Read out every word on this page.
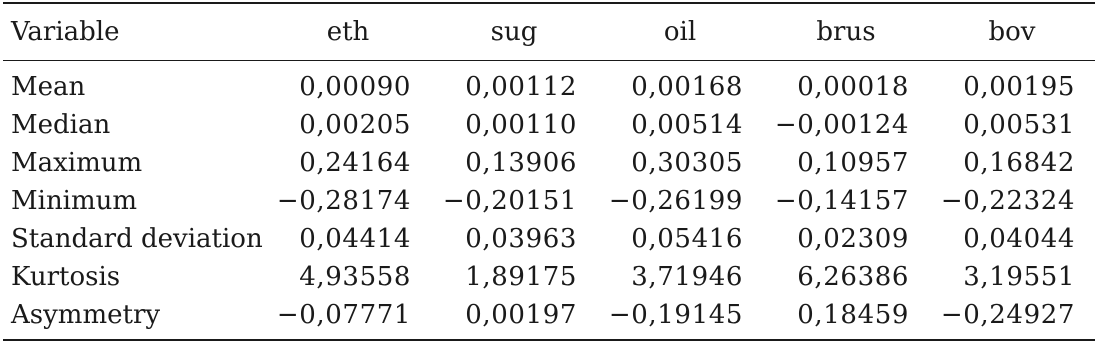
Variable	eth	sug	oil	brus	bov

Mean	0,00090	0,00112	0,00168	0,00018	0,00195
Median	0,00205	0,00110	0,00514	−0,00124	0,00531
Maximum	0,24164	0,13906	0,30305	0,10957	0,16842
Minimum	−0,28174	−0,20151	−0,26199	−0,14157	−0,22324
Standard deviation	0,04414	0,03963	0,05416	0,02309	0,04044
Kurtosis	4,93558	1,89175	3,71946	6,26386	3,19551
Asymmetry	−0,07771	0,00197	−0,19145	0,18459	−0,24927
